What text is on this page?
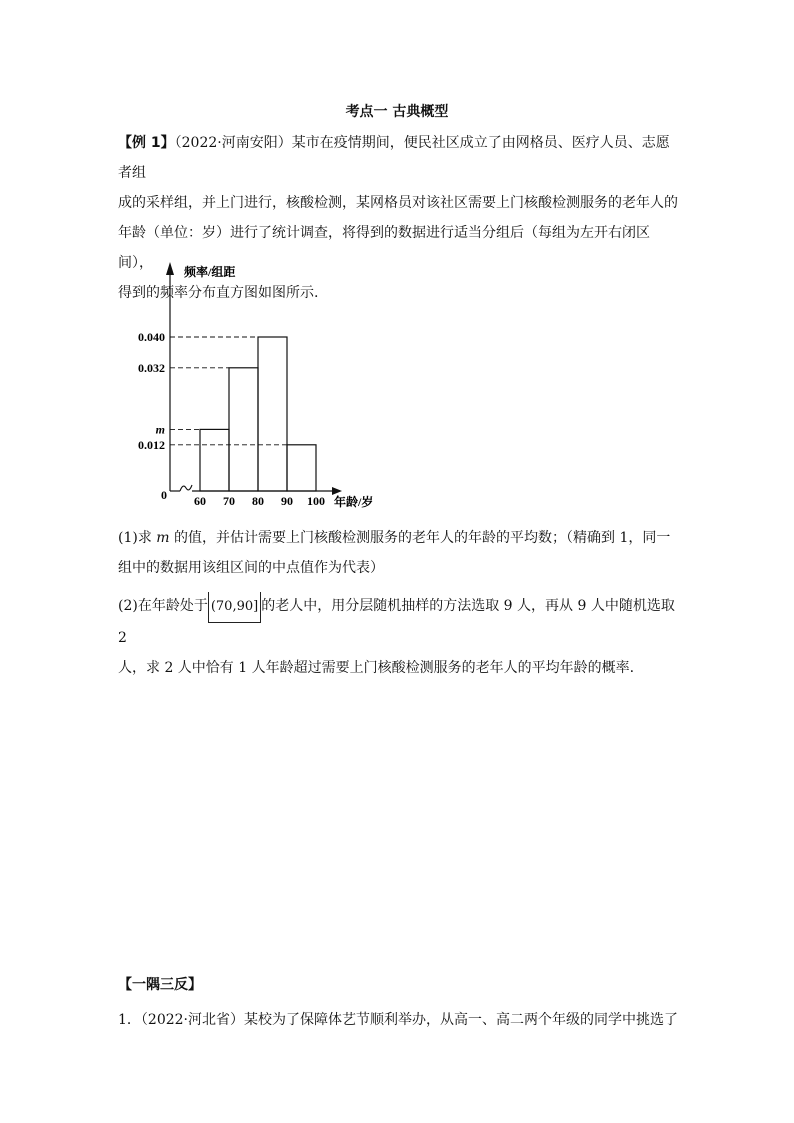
考点一 古典概型
【例 1】（2022·河南安阳）某市在疫情期间，便民社区成立了由网格员、医疗人员、志愿者组
成的采样组，并上门进行，核酸检测，某网格员对该社区需要上门核酸检测服务的老年人的
年龄（单位：岁）进行了统计调查，将得到的数据进行适当分组后（每组为左开右闭区间），
得到的频率分布直方图如图所示.
0.040
0.032
m
0.012
60 70 80 90 100
0
频率/组距
年龄/岁
(1)求 m 的值，并估计需要上门核酸检测服务的老年人的年龄的平均数；（精确到 1，同一
组中的数据用该组区间的中点值作为代表）
(2)在年龄处于 (70,90] 的老人中，用分层随机抽样的方法选取 9 人，再从 9 人中随机选取 2
人，求 2 人中恰有 1 人年龄超过需要上门核酸检测服务的老年人的平均年龄的概率.
【一隅三反】
1．（2022·河北省）某校为了保障体艺节顺利举办，从高一、高二两个年级的同学中挑选了
